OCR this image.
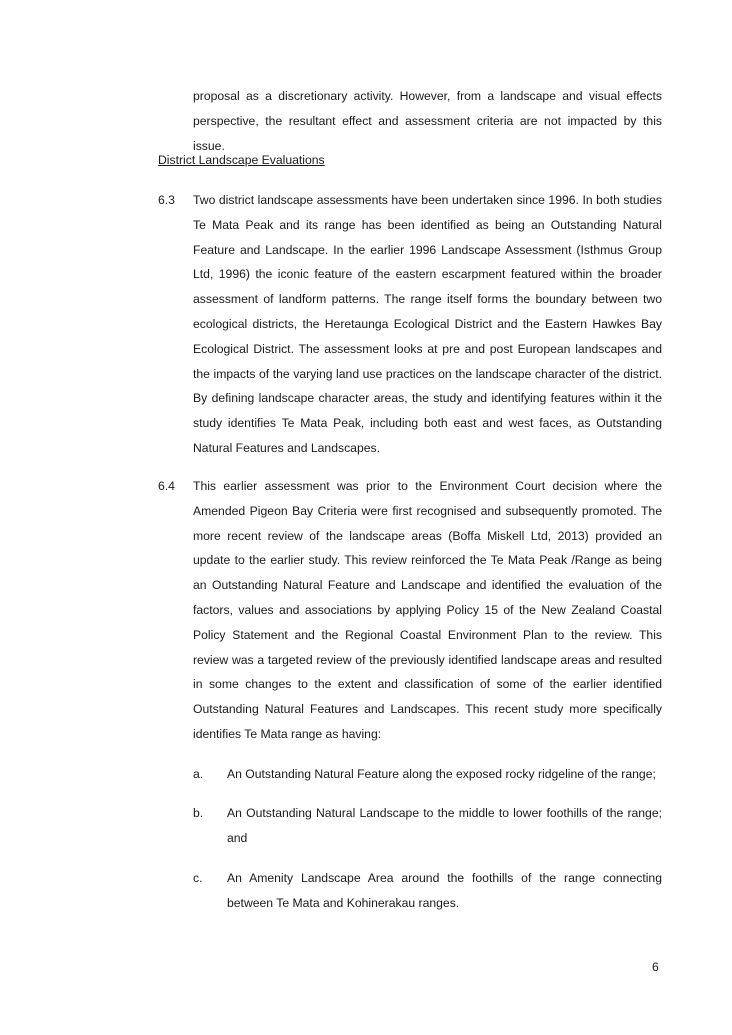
proposal as a discretionary activity. However, from a landscape and visual effects perspective, the resultant effect and assessment criteria are not impacted by this issue.

District Landscape Evaluations

6.3 Two district landscape assessments have been undertaken since 1996. In both studies Te Mata Peak and its range has been identified as being an Outstanding Natural Feature and Landscape. In the earlier 1996 Landscape Assessment (Isthmus Group Ltd, 1996) the iconic feature of the eastern escarpment featured within the broader assessment of landform patterns. The range itself forms the boundary between two ecological districts, the Heretaunga Ecological District and the Eastern Hawkes Bay Ecological District. The assessment looks at pre and post European landscapes and the impacts of the varying land use practices on the landscape character of the district. By defining landscape character areas, the study and identifying features within it the study identifies Te Mata Peak, including both east and west faces, as Outstanding Natural Features and Landscapes.

6.4 This earlier assessment was prior to the Environment Court decision where the Amended Pigeon Bay Criteria were first recognised and subsequently promoted. The more recent review of the landscape areas (Boffa Miskell Ltd, 2013) provided an update to the earlier study. This review reinforced the Te Mata Peak /Range as being an Outstanding Natural Feature and Landscape and identified the evaluation of the factors, values and associations by applying Policy 15 of the New Zealand Coastal Policy Statement and the Regional Coastal Environment Plan to the review. This review was a targeted review of the previously identified landscape areas and resulted in some changes to the extent and classification of some of the earlier identified Outstanding Natural Features and Landscapes. This recent study more specifically identifies Te Mata range as having:

a. An Outstanding Natural Feature along the exposed rocky ridgeline of the range;

b. An Outstanding Natural Landscape to the middle to lower foothills of the range; and

c. An Amenity Landscape Area around the foothills of the range connecting between Te Mata and Kohinerakau ranges.

6
